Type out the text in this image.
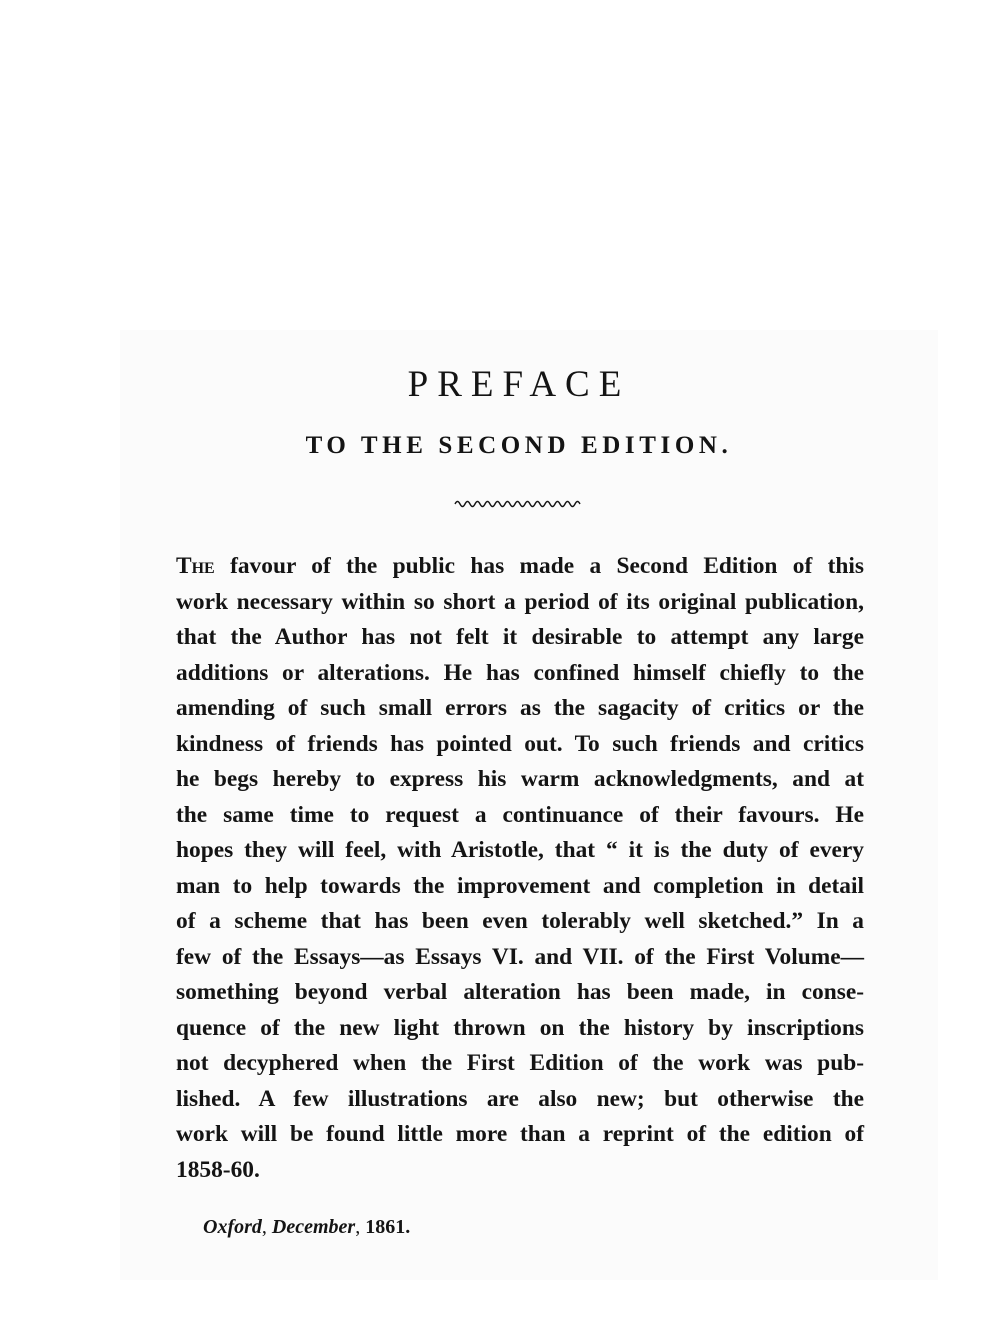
PREFACE
TO THE SECOND EDITION.
The favour of the public has made a Second Edition of this
work necessary within so short a period of its original publication,
that the Author has not felt it desirable to attempt any large
additions or alterations. He has confined himself chiefly to the
amending of such small errors as the sagacity of critics or the
kindness of friends has pointed out. To such friends and critics
he begs hereby to express his warm acknowledgments, and at
the same time to request a continuance of their favours. He
hopes they will feel, with Aristotle, that “ it is the duty of every
man to help towards the improvement and completion in detail
of a scheme that has been even tolerably well sketched.” In a
few of the Essays—as Essays VI. and VII. of the First Volume—
something beyond verbal alteration has been made, in conse-
quence of the new light thrown on the history by inscriptions
not decyphered when the First Edition of the work was pub-
lished. A few illustrations are also new; but otherwise the
work will be found little more than a reprint of the edition of
1858-60.

Oxford, December, 1861.
